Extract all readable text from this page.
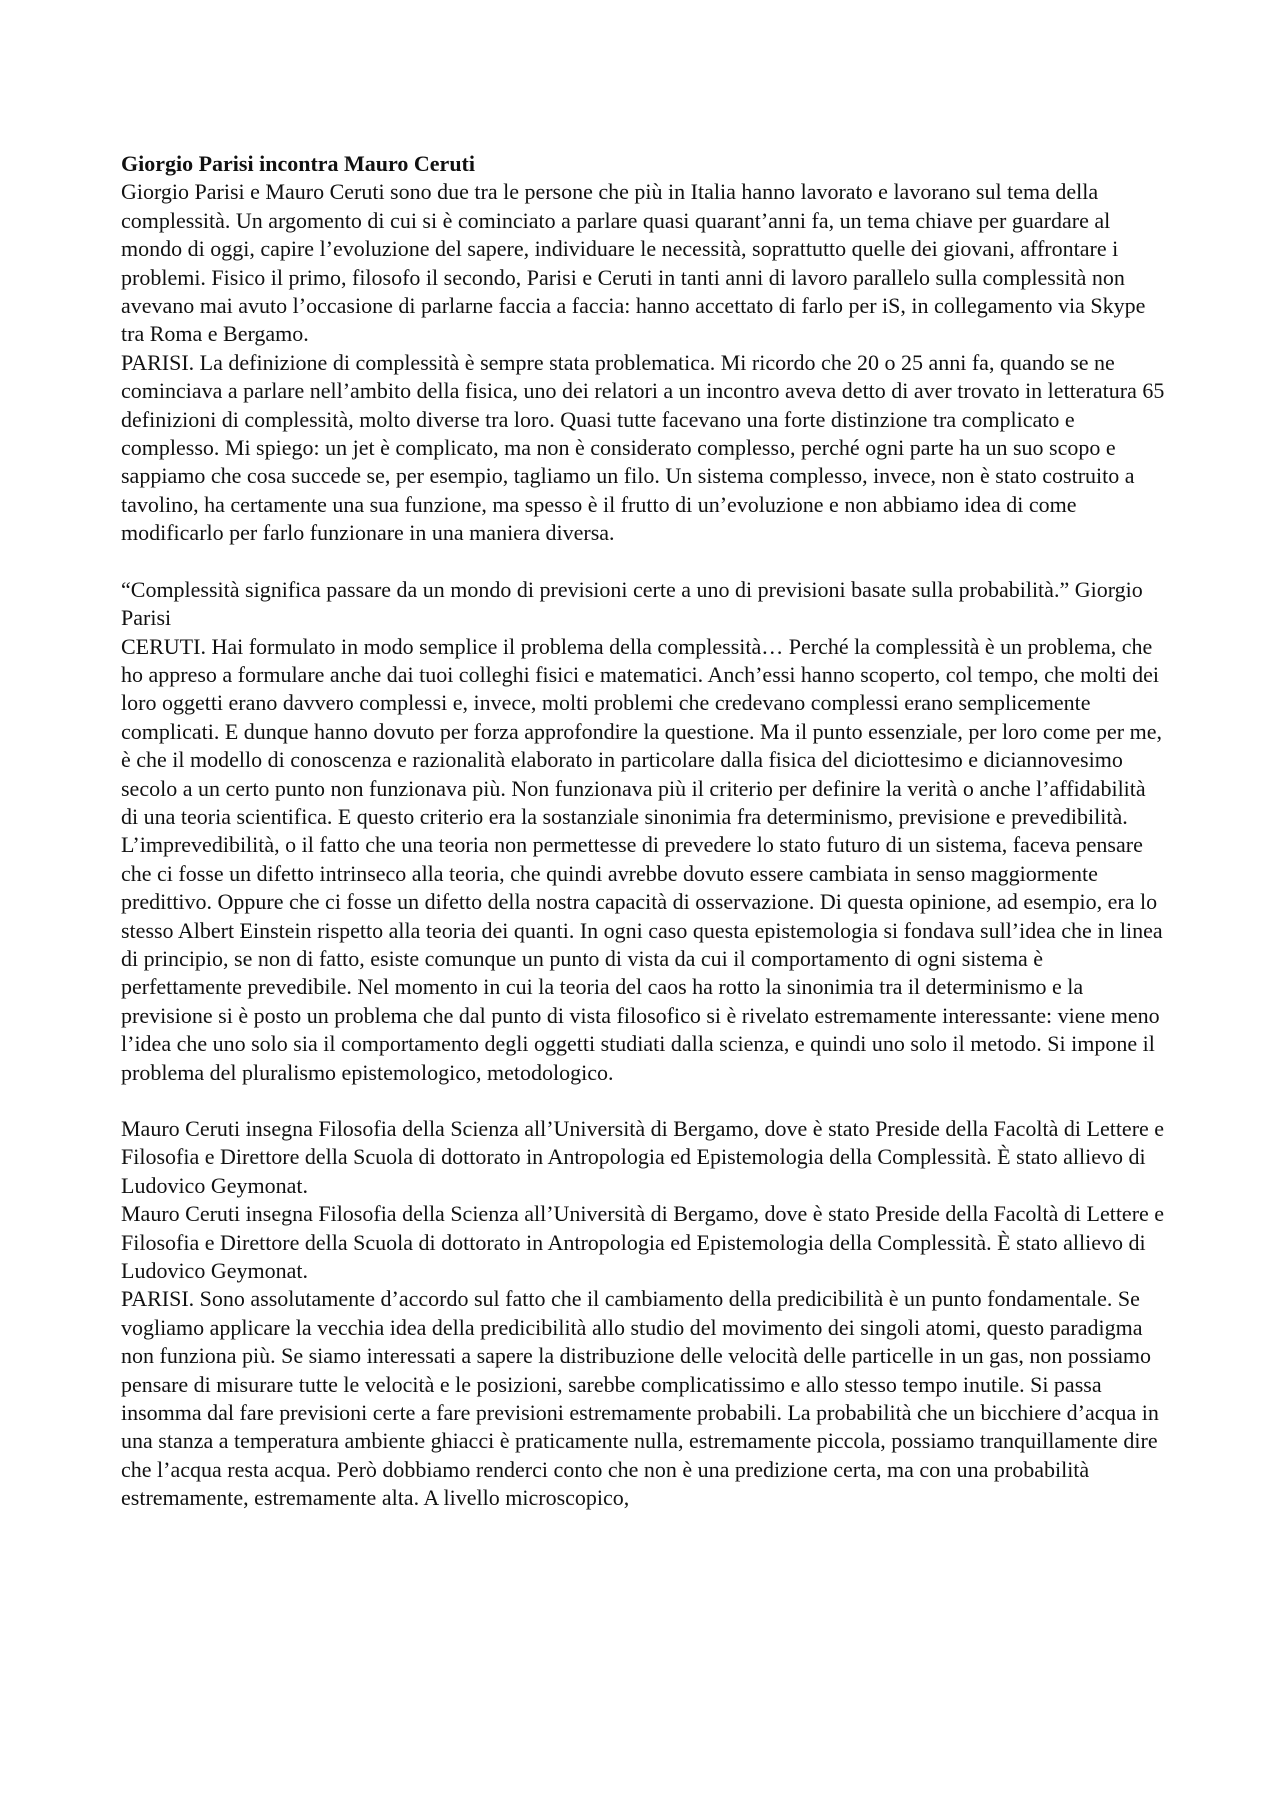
Giorgio Parisi incontra Mauro Ceruti

Giorgio Parisi e Mauro Ceruti sono due tra le persone che più in Italia hanno lavorato e lavorano sul tema della complessità. Un argomento di cui si è cominciato a parlare quasi quarant’anni fa, un tema chiave per guardare al mondo di oggi, capire l’evoluzione del sapere, individuare le necessità, soprattutto quelle dei giovani, affrontare i problemi. Fisico il primo, filosofo il secondo, Parisi e Ceruti in tanti anni di lavoro parallelo sulla complessità non avevano mai avuto l’occasione di parlarne faccia a faccia: hanno accettato di farlo per iS, in collegamento via Skype tra Roma e Bergamo.

PARISI. La definizione di complessità è sempre stata problematica. Mi ricordo che 20 o 25 anni fa, quando se ne cominciava a parlare nell’ambito della fisica, uno dei relatori a un incontro aveva detto di aver trovato in letteratura 65 definizioni di complessità, molto diverse tra loro. Quasi tutte facevano una forte distinzione tra complicato e complesso. Mi spiego: un jet è complicato, ma non è considerato complesso, perché ogni parte ha un suo scopo e sappiamo che cosa succede se, per esempio, tagliamo un filo. Un sistema complesso, invece, non è stato costruito a tavolino, ha certamente una sua funzione, ma spesso è il frutto di un’evoluzione e non abbiamo idea di come modificarlo per farlo funzionare in una maniera diversa.

“Complessità significa passare da un mondo di previsioni certe a uno di previsioni basate sulla probabilità.” Giorgio Parisi

CERUTI. Hai formulato in modo semplice il problema della complessità… Perché la complessità è un problema, che ho appreso a formulare anche dai tuoi colleghi fisici e matematici. Anch’essi hanno scoperto, col tempo, che molti dei loro oggetti erano davvero complessi e, invece, molti problemi che credevano complessi erano semplicemente complicati. E dunque hanno dovuto per forza approfondire la questione. Ma il punto essenziale, per loro come per me, è che il modello di conoscenza e razionalità elaborato in particolare dalla fisica del diciottesimo e diciannovesimo secolo a un certo punto non funzionava più. Non funzionava più il criterio per definire la verità o anche l’affidabilità di una teoria scientifica. E questo criterio era la sostanziale sinonimia fra determinismo, previsione e prevedibilità. L’imprevedibilità, o il fatto che una teoria non permettesse di prevedere lo stato futuro di un sistema, faceva pensare che ci fosse un difetto intrinseco alla teoria, che quindi avrebbe dovuto essere cambiata in senso maggiormente predittivo. Oppure che ci fosse un difetto della nostra capacità di osservazione. Di questa opinione, ad esempio, era lo stesso Albert Einstein rispetto alla teoria dei quanti. In ogni caso questa epistemologia si fondava sull’idea che in linea di principio, se non di fatto, esiste comunque un punto di vista da cui il comportamento di ogni sistema è perfettamente prevedibile. Nel momento in cui la teoria del caos ha rotto la sinonimia tra il determinismo e la previsione si è posto un problema che dal punto di vista filosofico si è rivelato estremamente interessante: viene meno l’idea che uno solo sia il comportamento degli oggetti studiati dalla scienza, e quindi uno solo il metodo. Si impone il problema del pluralismo epistemologico, metodologico.

Mauro Ceruti insegna Filosofia della Scienza all’Università di Bergamo, dove è stato Preside della Facoltà di Lettere e Filosofia e Direttore della Scuola di dottorato in Antropologia ed Epistemologia della Complessità. È stato allievo di Ludovico Geymonat.

Mauro Ceruti insegna Filosofia della Scienza all’Università di Bergamo, dove è stato Preside della Facoltà di Lettere e Filosofia e Direttore della Scuola di dottorato in Antropologia ed Epistemologia della Complessità. È stato allievo di Ludovico Geymonat.

PARISI. Sono assolutamente d’accordo sul fatto che il cambiamento della predicibilità è un punto fondamentale. Se vogliamo applicare la vecchia idea della predicibilità allo studio del movimento dei singoli atomi, questo paradigma non funziona più. Se siamo interessati a sapere la distribuzione delle velocità delle particelle in un gas, non possiamo pensare di misurare tutte le velocità e le posizioni, sarebbe complicatissimo e allo stesso tempo inutile. Si passa insomma dal fare previsioni certe a fare previsioni estremamente probabili. La probabilità che un bicchiere d’acqua in una stanza a temperatura ambiente ghiacci è praticamente nulla, estremamente piccola, possiamo tranquillamente dire che l’acqua resta acqua. Però dobbiamo renderci conto che non è una predizione certa, ma con una probabilità estremamente, estremamente alta. A livello microscopico,
